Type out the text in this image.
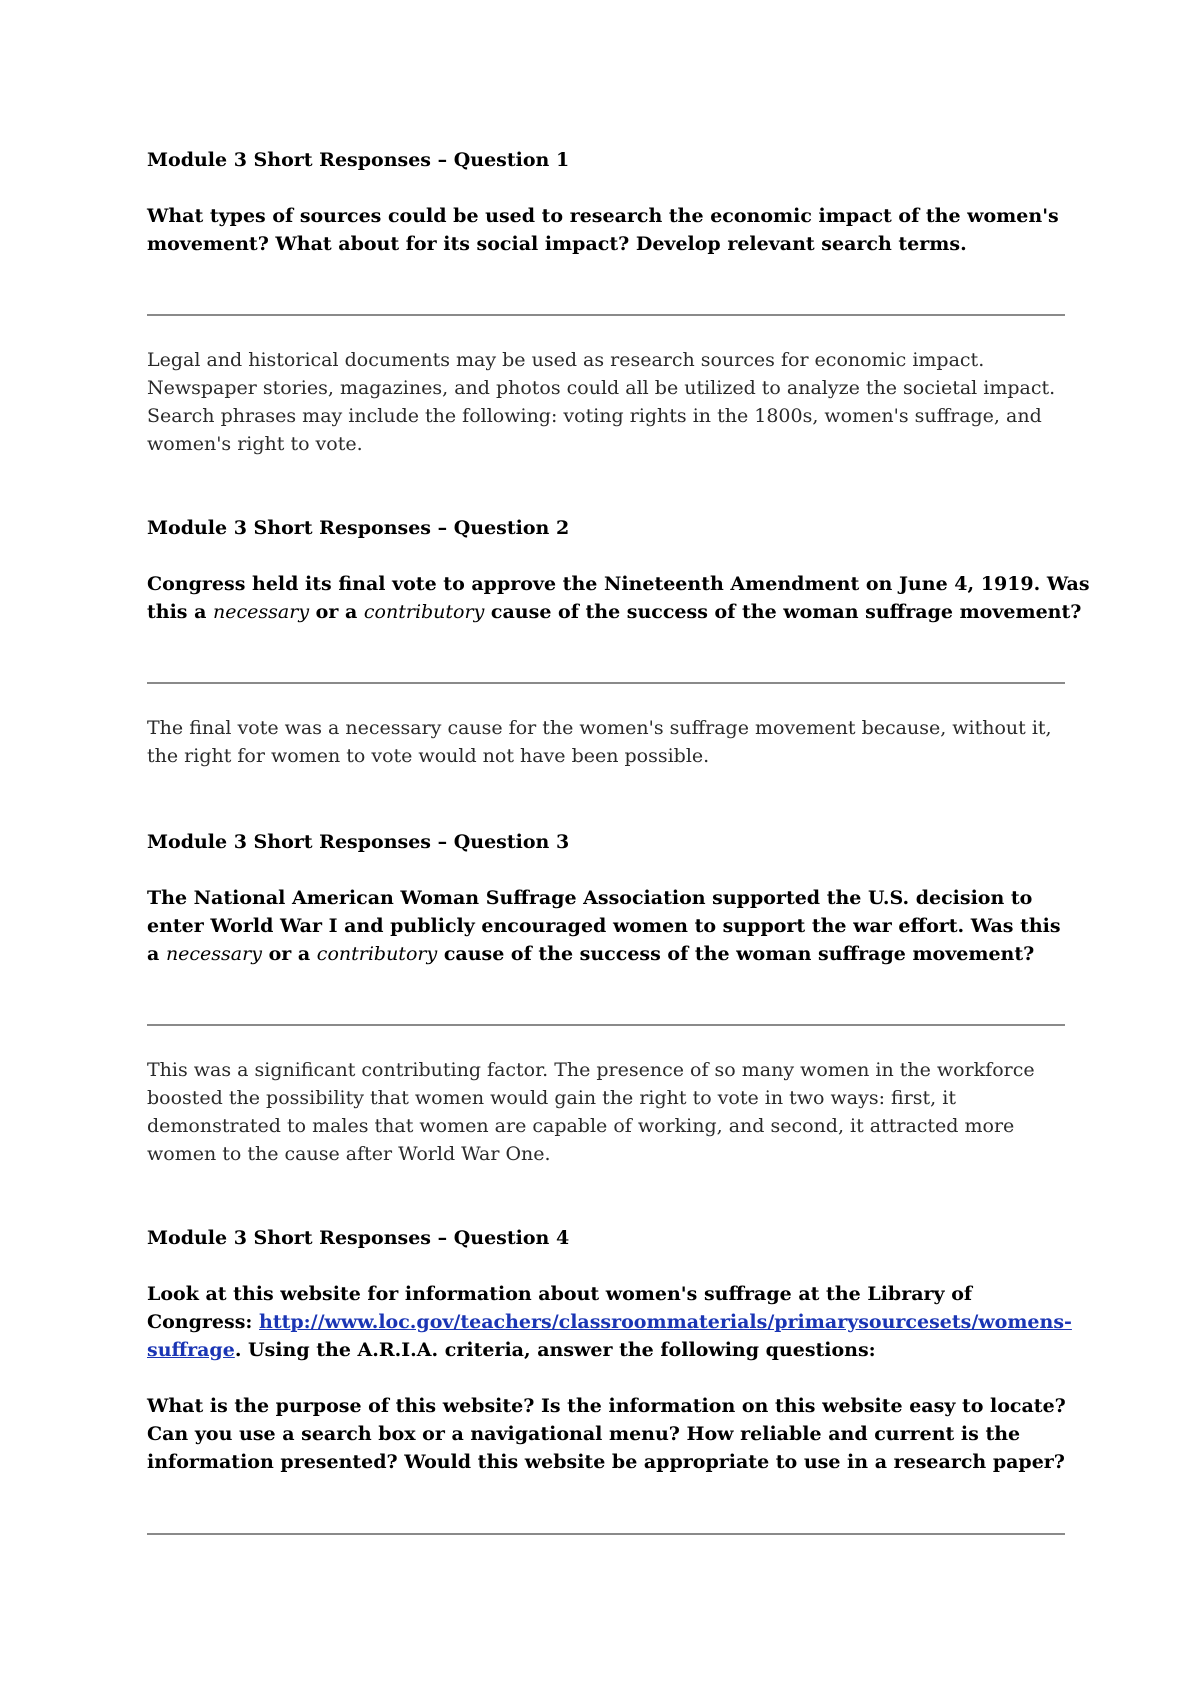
Module 3 Short Responses – Question 1

What types of sources could be used to research the economic impact of the women's
movement? What about for its social impact? Develop relevant search terms.
Legal and historical documents may be used as research sources for economic impact.
Newspaper stories, magazines, and photos could all be utilized to analyze the societal impact.
Search phrases may include the following: voting rights in the 1800s, women's suffrage, and
women's right to vote.

Module 3 Short Responses – Question 2

Congress held its final vote to approve the Nineteenth Amendment on June 4, 1919. Was
this a necessary or a contributory cause of the success of the woman suffrage movement?
The final vote was a necessary cause for the women's suffrage movement because, without it,
the right for women to vote would not have been possible.

Module 3 Short Responses – Question 3

The National American Woman Suffrage Association supported the U.S. decision to
enter World War I and publicly encouraged women to support the war effort. Was this
a necessary or a contributory cause of the success of the woman suffrage movement?
This was a significant contributing factor. The presence of so many women in the workforce
boosted the possibility that women would gain the right to vote in two ways: first, it
demonstrated to males that women are capable of working, and second, it attracted more
women to the cause after World War One.

Module 3 Short Responses – Question 4

Look at this website for information about women's suffrage at the Library of
Congress: http://www.loc.gov/teachers/classroommaterials/primarysourcesets/womens-
suffrage. Using the A.R.I.A. criteria, answer the following questions:
What is the purpose of this website? Is the information on this website easy to locate?
Can you use a search box or a navigational menu? How reliable and current is the
information presented? Would this website be appropriate to use in a research paper?
